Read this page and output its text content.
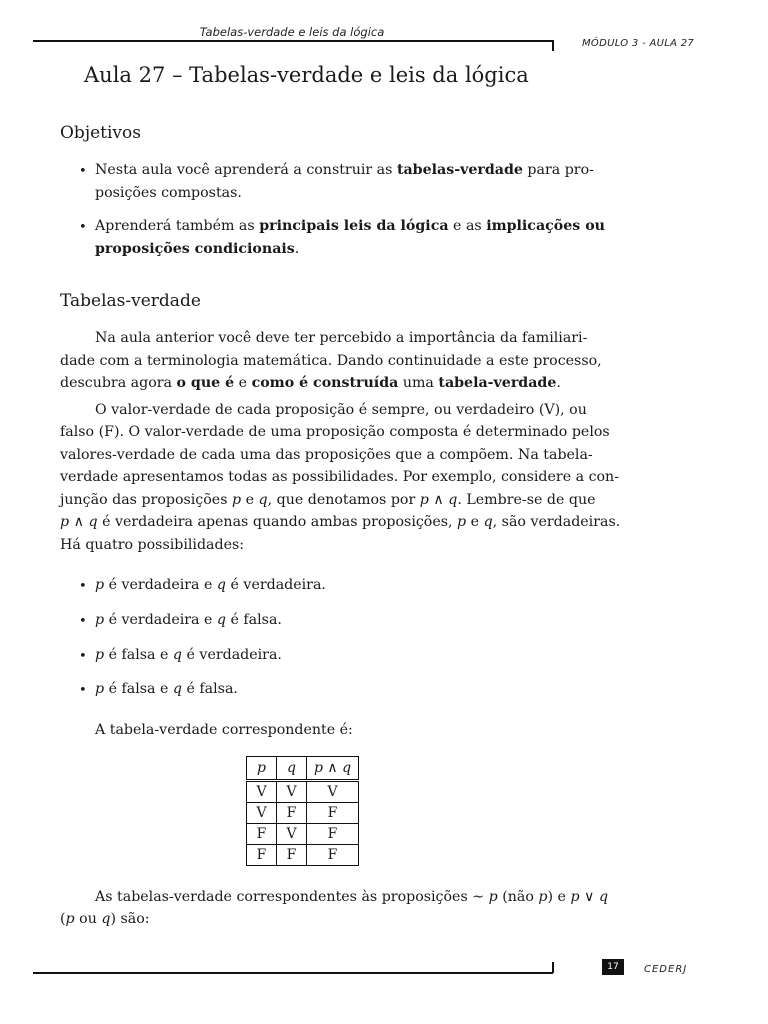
Tabelas-verdade e leis da lógica
MÓDULO 3 - AULA 27
Aula 27 – Tabelas-verdade e leis da lógica
Objetivos
• Nesta aula você aprenderá a construir as tabelas-verdade para pro-
posições compostas.
• Aprenderá também as principais leis da lógica e as implicações ou
proposições condicionais.
Tabelas-verdade
Na aula anterior você deve ter percebido a importância da familiari-
dade com a terminologia matemática. Dando continuidade a este processo,
descubra agora o que é e como é construída uma tabela-verdade.
O valor-verdade de cada proposição é sempre, ou verdadeiro (V), ou
falso (F). O valor-verdade de uma proposição composta é determinado pelos
valores-verdade de cada uma das proposições que a compõem. Na tabela-
verdade apresentamos todas as possibilidades. Por exemplo, considere a con-
junção das proposições p e q, que denotamos por p ∧ q. Lembre-se de que
p ∧ q é verdadeira apenas quando ambas proposições, p e q, são verdadeiras.
Há quatro possibilidades:
• p é verdadeira e q é verdadeira.
• p é verdadeira e q é falsa.
• p é falsa e q é verdadeira.
• p é falsa e q é falsa.
A tabela-verdade correspondente é:
p	q	p ∧ q
V	V	V
V	F	F
F	V	F
F	F	F
As tabelas-verdade correspondentes às proposições ∼ p (não p) e p ∨ q
(p ou q) são:
17	CEDERJ
